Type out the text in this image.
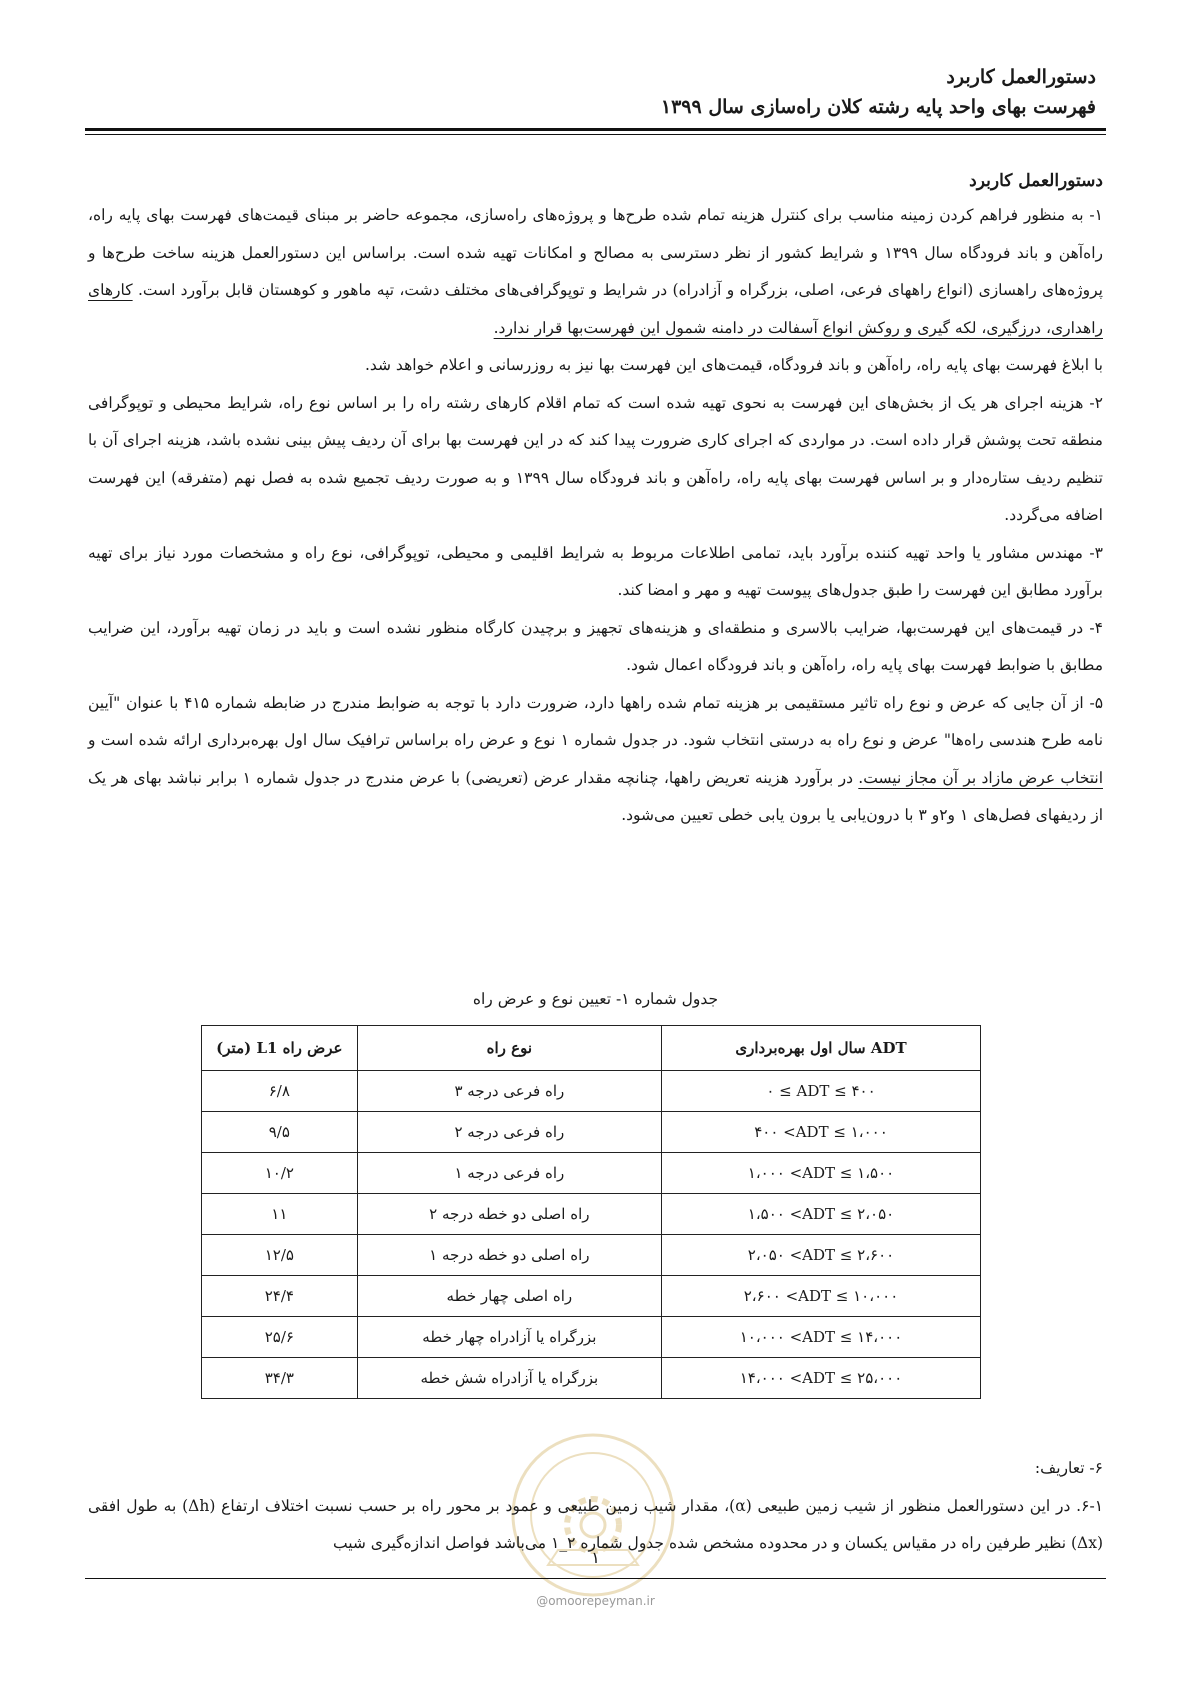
دستورالعمل کاربرد

فهرست بهای واحد پایه رشته کلان راه‌سازی سال ۱۳۹۹

دستورالعمل کاربرد

۱- به منظور فراهم کردن زمینه مناسب برای کنترل هزینه تمام شده طرح‌ها و پروژه‌های راه‌سازی، مجموعه حاضر بر مبنای قیمت‌های فهرست بهای پایه راه، راه‌آهن و باند فرودگاه سال ۱۳۹۹ و شرایط کشور از نظر دسترسی به مصالح و امکانات تهیه شده است. براساس این دستورالعمل هزینه ساخت طرح‌ها و پروژه‌های راهسازی (انواع راههای فرعی، اصلی، بزرگراه و آزادراه) در شرایط و توپوگرافی‌های مختلف دشت، تپه ماهور و کوهستان قابل برآورد است. کارهای راهداری، درزگیری، لکه گیری و روکش انواع آسفالت در دامنه شمول این فهرست‌بها قرار ندارد.

با ابلاغ فهرست بهای پایه راه، راه‌آهن و باند فرودگاه، قیمت‌های این فهرست بها نیز به روزرسانی و اعلام خواهد شد.

۲- هزینه اجرای هر یک از بخش‌های این فهرست به نحوی تهیه شده است که تمام اقلام کارهای رشته راه را بر اساس نوع راه، شرایط محیطی و توپوگرافی منطقه تحت پوشش قرار داده است. در مواردی که اجرای کاری ضرورت پیدا کند که در این فهرست بها برای آن ردیف پیش بینی نشده باشد، هزینه اجرای آن با تنظیم ردیف ستاره‌دار و بر اساس فهرست بهای پایه راه، راه‌آهن و باند فرودگاه سال ۱۳۹۹ و به صورت ردیف تجمیع شده به فصل نهم (متفرقه) این فهرست اضافه می‌گردد.

۳- مهندس مشاور یا واحد تهیه کننده برآورد باید، تمامی اطلاعات مربوط به شرایط اقلیمی و محیطی، توپوگرافی، نوع راه و مشخصات مورد نیاز برای تهیه برآورد مطابق این فهرست را طبق جدول‌های پیوست تهیه و مهر و امضا کند.

۴- در قیمت‌های این فهرست‌بها، ضرایب بالاسری و منطقه‌ای و هزینه‌های تجهیز و برچیدن کارگاه منظور نشده است و باید در زمان تهیه برآورد، این ضرایب مطابق با ضوابط فهرست بهای پایه راه، راه‌آهن و باند فرودگاه اعمال شود.

۵- از آن جایی که عرض و نوع راه تاثیر مستقیمی بر هزینه تمام شده راهها دارد، ضرورت دارد با توجه به ضوابط مندرج در ضابطه شماره ۴۱۵ با عنوان "آیین نامه طرح هندسی راه‌ها" عرض و نوع راه به درستی انتخاب شود. در جدول شماره ۱ نوع و عرض راه براساس ترافیک سال اول بهره‌برداری ارائه شده است و انتخاب عرض مازاد بر آن مجاز نیست. در برآورد هزینه تعریض راهها، چنانچه مقدار عرض (تعریضی) با عرض مندرج در جدول شماره ۱ برابر نباشد بهای هر یک از ردیفهای فصل‌های ۱ و۲و ۳ با درون‌یابی یا برون یابی خطی تعیین می‌شود.

جدول شماره ۱- تعیین نوع و عرض راه
ADT سال اول بهره‌برداری	نوع راه	عرض راه L1 (متر)
۰ ≤ ADT ≤ ۴۰۰	راه فرعی درجه ۳	۶/۸
۴۰۰ <ADT ≤ ۱،۰۰۰	راه فرعی درجه ۲	۹/۵
۱،۰۰۰ <ADT ≤ ۱،۵۰۰	راه فرعی درجه ۱	۱۰/۲
۱،۵۰۰ <ADT ≤ ۲،۰۵۰	راه اصلی دو خطه درجه ۲	۱۱
۲،۰۵۰ <ADT ≤ ۲،۶۰۰	راه اصلی دو خطه درجه ۱	۱۲/۵
۲،۶۰۰ <ADT ≤ ۱۰،۰۰۰	راه اصلی چهار خطه	۲۴/۴
۱۰،۰۰۰ <ADT ≤ ۱۴،۰۰۰	بزرگراه یا آزادراه چهار خطه	۲۵/۶
۱۴،۰۰۰ <ADT ≤ ۲۵،۰۰۰	بزرگراه یا آزادراه شش خطه	۳۴/۳

۶- تعاریف:

۶-۱. در این دستورالعمل منظور از شیب زمین طبیعی (α)، مقدار شیب زمین طبیعی و عمود بر محور راه بر حسب نسبت اختلاف ارتفاع (Δh) به طول افقی (Δx) نظیر طرفین راه در مقیاس یکسان و در محدوده مشخص شده جدول شماره ۲_۱ می‌باشد فواصل اندازه‌گیری شیب

۱
@omoorepeyman.ir
